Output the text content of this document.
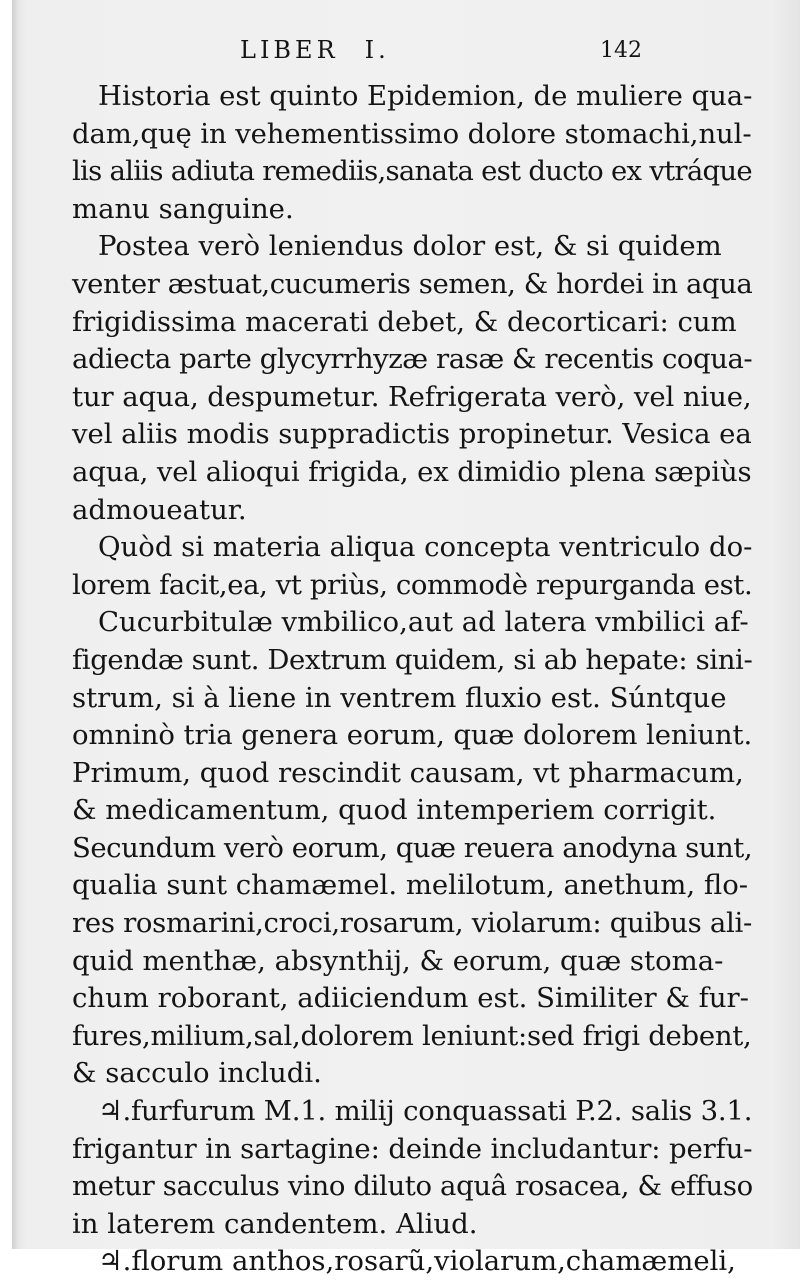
LIBER I.	142
Historia est quinto Epidemion, de muliere qua-
dam,quę in vehementissimo dolore stomachi,nul-
lis aliis adiuta remediis,sanata est ducto ex vtráque
manu sanguine.
Postea verò leniendus dolor est, & si quidem
venter æstuat,cucumeris semen, & hordei in aqua
frigidissima macerati debet, & decorticari: cum
adiecta parte glycyrrhyzæ rasæ & recentis coqua-
tur aqua, despumetur. Refrigerata verò, vel niue,
vel aliis modis suppradictis propinetur. Vesica ea
aqua, vel alioqui frigida, ex dimidio plena sæpiùs
admoueatur.
Quòd si materia aliqua concepta ventriculo do-
lorem facit,ea, vt priùs, commodè repurganda est.
Cucurbitulæ vmbilico,aut ad latera vmbilici af-
figendæ sunt. Dextrum quidem, si ab hepate: sini-
strum, si à liene in ventrem fluxio est. Súntque
omninò tria genera eorum, quæ dolorem leniunt.
Primum, quod rescindit causam, vt pharmacum,
& medicamentum, quod intemperiem corrigit.
Secundum verò eorum, quæ reuera anodyna sunt,
qualia sunt chamæmel. melilotum, anethum, flo-
res rosmarini,croci,rosarum, violarum: quibus ali-
quid menthæ, absynthij, & eorum, quæ stoma-
chum roborant, adiiciendum est. Similiter & fur-
fures,milium,sal,dolorem leniunt:sed frigi debent,
& sacculo includi.
♃.furfurum M.1. milij conquassati P.2. salis 3.1.
frigantur in sartagine: deinde includantur: perfu-
metur sacculus vino diluto aquâ rosacea, & effuso
in laterem candentem. Aliud.
♃.florum anthos,rosarũ,violarum,chamæmeli,
